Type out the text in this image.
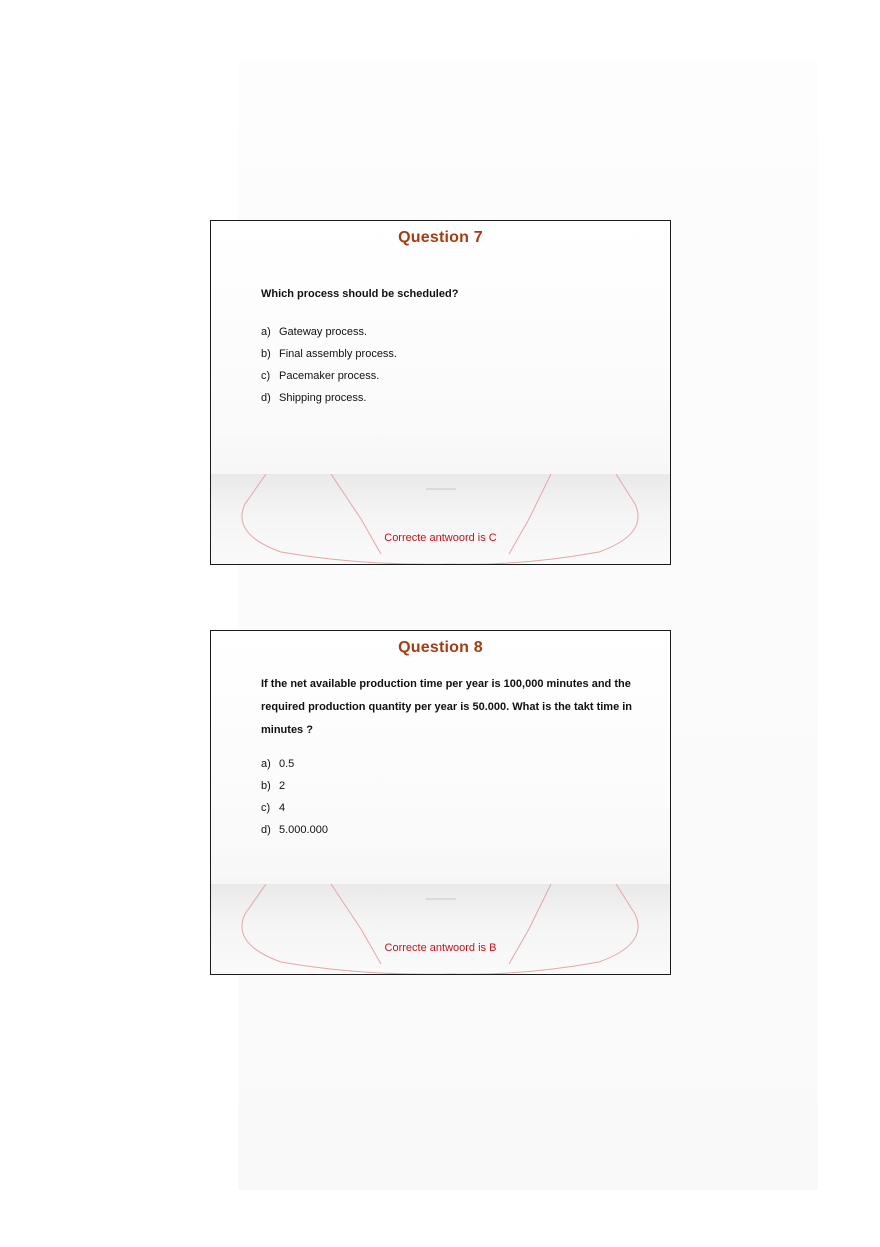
Question 7
Which process should be scheduled?
a) Gateway process.
b) Final assembly process.
c) Pacemaker process.
d) Shipping process.
Correcte antwoord is C
Question 8
If the net available production time per year is 100,000 minutes and the required production quantity per year is 50.000. What is the takt time in minutes ?
a) 0.5
b) 2
c) 4
d) 5.000.000
Correcte antwoord is B
